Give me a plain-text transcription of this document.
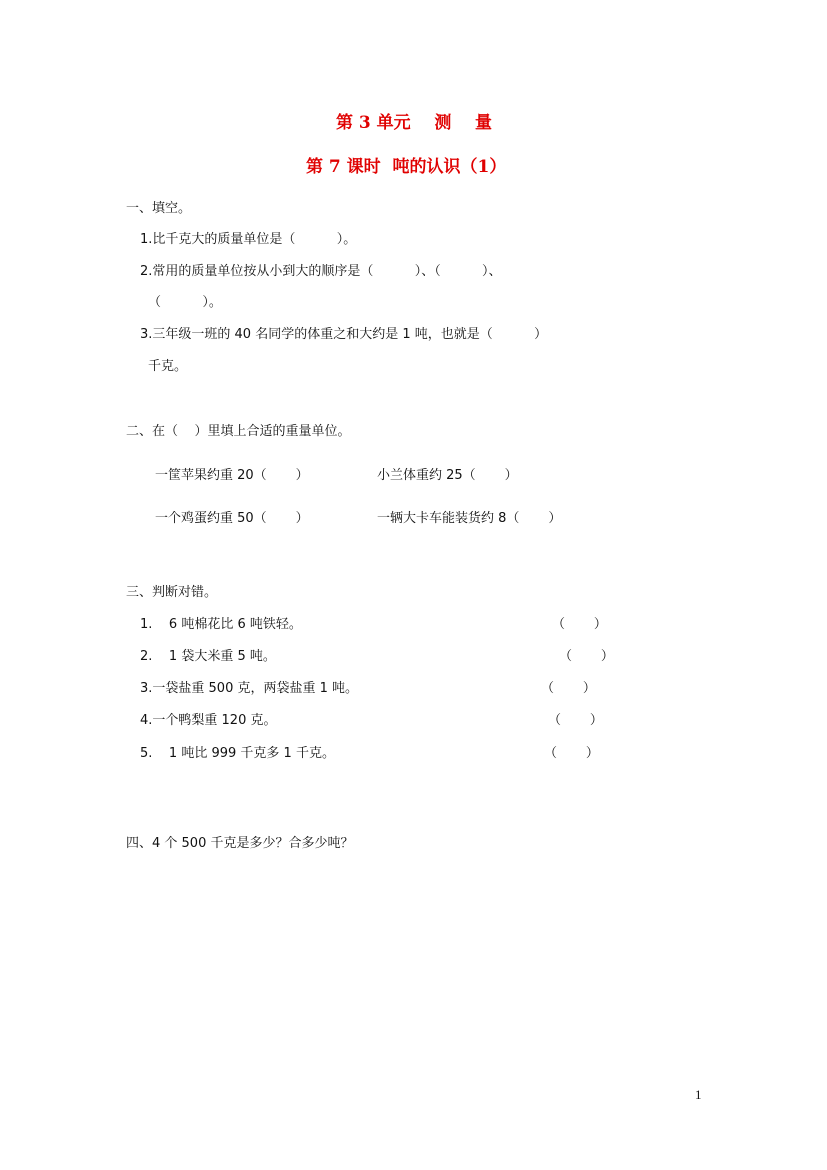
第 3 单元    测    量
第 7 课时  吨的认识（1）
一、填空。
1.比千克大的质量单位是（          ）。
2.常用的质量单位按从小到大的顺序是（          ）、（          ）、
（          ）。
3.三年级一班的 40 名同学的体重之和大约是 1 吨，也就是（          ）
千克。
二、在（    ）里填上合适的重量单位。
一筐苹果约重 20（       ）	小兰体重约 25（       ）
一个鸡蛋约重 50（       ）	一辆大卡车能装货约 8（       ）
三、判断对错。
1.    6 吨棉花比 6 吨铁轻。	（       ）
2.    1 袋大米重 5 吨。	（       ）
3.一袋盐重 500 克，两袋盐重 1 吨。	（       ）
4.一个鸭梨重 120 克。	（       ）
5.    1 吨比 999 千克多 1 千克。	（       ）
四、4 个 500 千克是多少？合多少吨？
1
